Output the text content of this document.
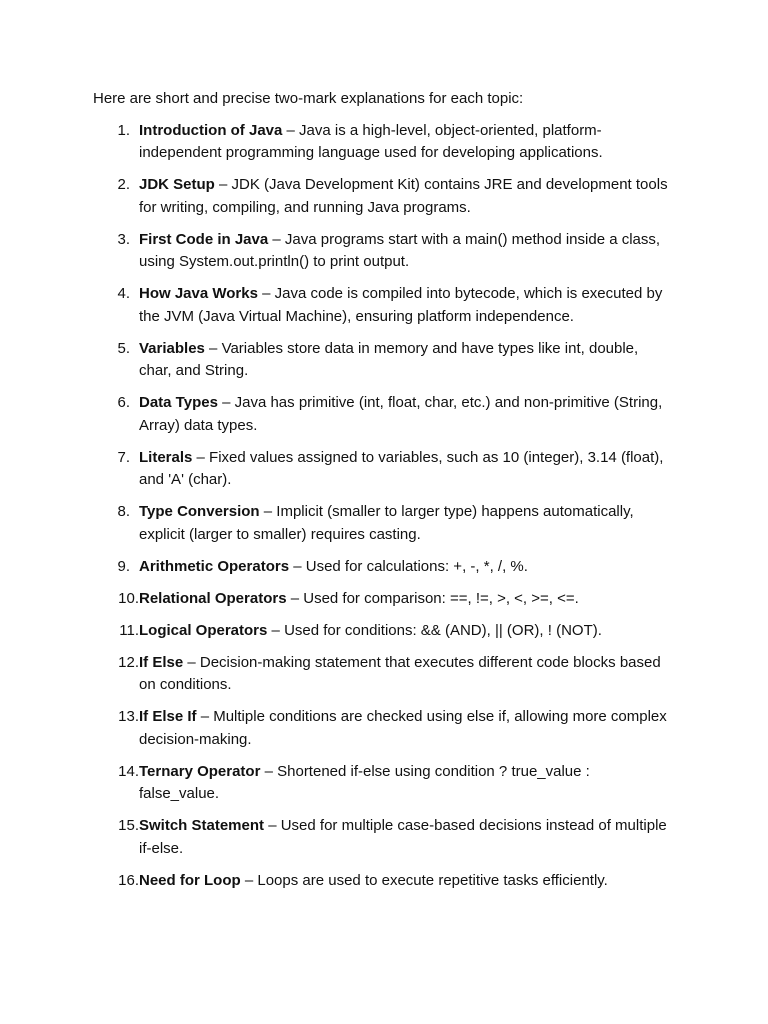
Here are short and precise two-mark explanations for each topic:

1. Introduction of Java – Java is a high-level, object-oriented, platform-independent programming language used for developing applications.
2. JDK Setup – JDK (Java Development Kit) contains JRE and development tools for writing, compiling, and running Java programs.
3. First Code in Java – Java programs start with a main() method inside a class, using System.out.println() to print output.
4. How Java Works – Java code is compiled into bytecode, which is executed by the JVM (Java Virtual Machine), ensuring platform independence.
5. Variables – Variables store data in memory and have types like int, double, char, and String.
6. Data Types – Java has primitive (int, float, char, etc.) and non-primitive (String, Array) data types.
7. Literals – Fixed values assigned to variables, such as 10 (integer), 3.14 (float), and 'A' (char).
8. Type Conversion – Implicit (smaller to larger type) happens automatically, explicit (larger to smaller) requires casting.
9. Arithmetic Operators – Used for calculations: +, -, *, /, %.
10. Relational Operators – Used for comparison: ==, !=, >, <, >=, <=.
11. Logical Operators – Used for conditions: && (AND), || (OR), ! (NOT).
12. If Else – Decision-making statement that executes different code blocks based on conditions.
13. If Else If – Multiple conditions are checked using else if, allowing more complex decision-making.
14. Ternary Operator – Shortened if-else using condition ? true_value : false_value.
15. Switch Statement – Used for multiple case-based decisions instead of multiple if-else.
16. Need for Loop – Loops are used to execute repetitive tasks efficiently.
